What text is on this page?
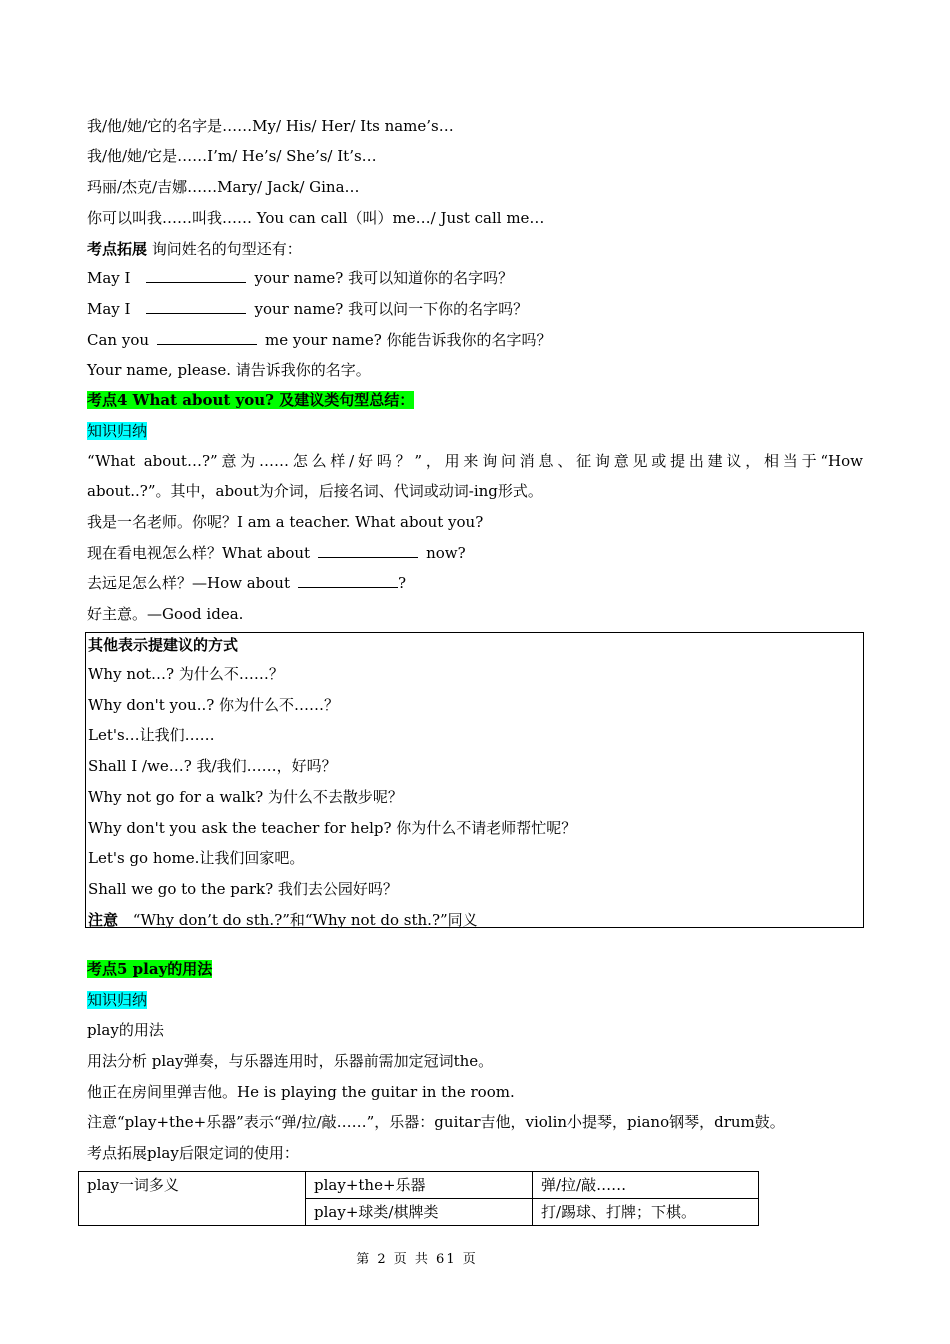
我/他/她/它的名字是……My/ His/ Her/ Its name’s…
我/他/她/它是……I’m/ He’s/ She’s/ It’s…
玛丽/杰克/吉娜……Mary/ Jack/ Gina…
你可以叫我……叫我…… You can call（叫）me…/ Just call me…
考点拓展 询问姓名的句型还有：
May I	your name? 我可以知道你的名字吗？
May I	your name? 我可以问一下你的名字吗？
Can you	me your name? 你能告诉我你的名字吗？
Your name, please. 请告诉我你的名字。
考点4 What about you? 及建议类句型总结：
知识归纳
“What about…?”意为……怎么样/好吗？”，用来询问消息、征询意见或提出建议，相当于“How
about..?”。其中，about为介词，后接名词、代词或动词-ing形式。
我是一名老师。你呢？I am a teacher. What about you?
现在看电视怎么样？What about	now?
去远足怎么样？—How about	?
好主意。—Good idea.
其他表示提建议的方式
Why not…? 为什么不……？
Why don't you..? 你为什么不……？
Let's…让我们……
Shall I /we…? 我/我们……，好吗？
Why not go for a walk? 为什么不去散步呢？
Why don't you ask the teacher for help? 你为什么不请老师帮忙呢？
Let's go home.让我们回家吧。
Shall we go to the park? 我们去公园好吗？
注意 “Why don’t do sth.?”和“Why not do sth.?”同义
考点5 play的用法
知识归纳
play的用法
用法分析 play弹奏，与乐器连用时，乐器前需加定冠词the。
他正在房间里弹吉他。He is playing the guitar in the room.
注意“play+the+乐器”表示“弹/拉/敲……”，乐器：guitar吉他，violin小提琴，piano钢琴，drum鼓。
考点拓展play后限定词的使用：
play一词多义	play+the+乐器	弹/拉/敲……
	play+球类/棋牌类	打/踢球、打牌；下棋。
第 2 页 共 61 页
